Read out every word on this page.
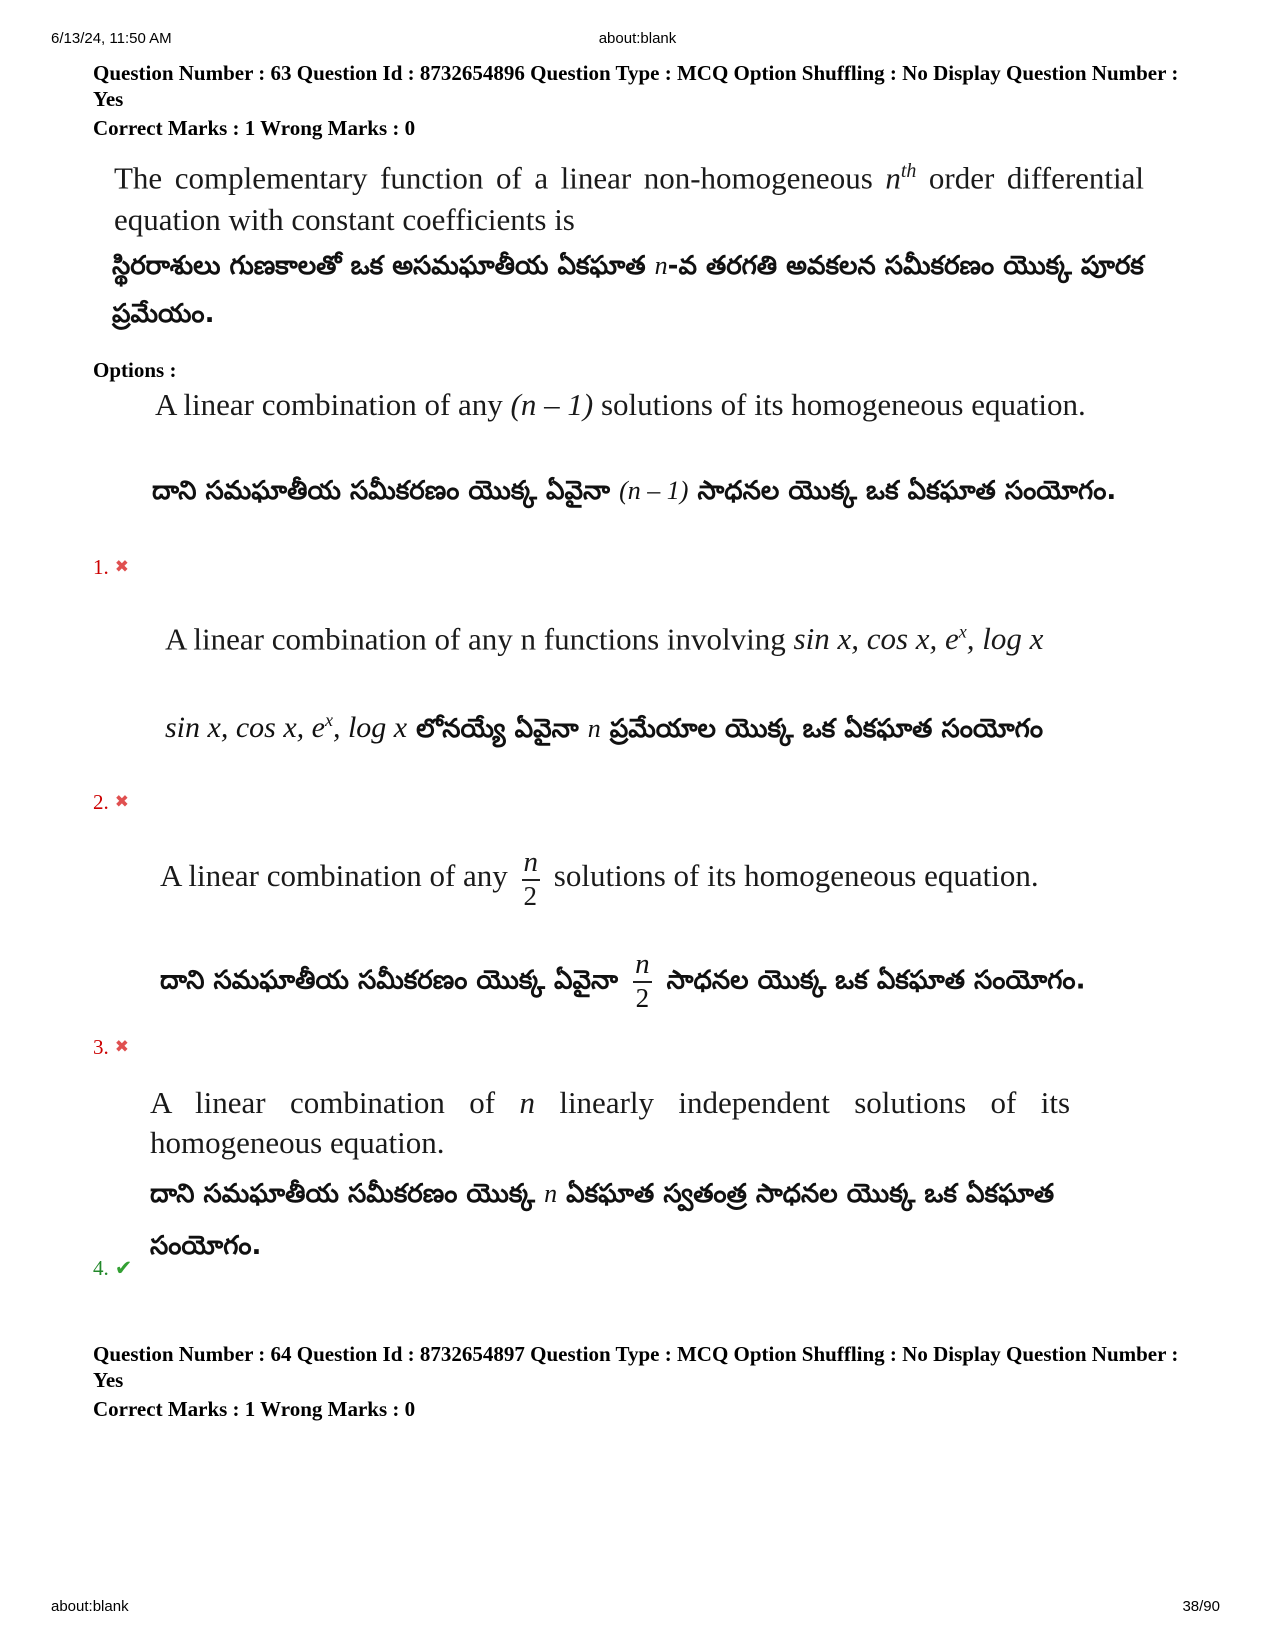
6/13/24, 11:50 AM	about:blank
Question Number : 63 Question Id : 8732654896 Question Type : MCQ Option Shuffling : No Display Question Number : Yes
Correct Marks : 1 Wrong Marks : 0
The complementary function of a linear non-homogeneous $n^{th}$ order differential equation with constant coefficients is
స్థిరరాశులు గుణకాలతో ఒక అసమఘాతీయ ఏకఘాత n-వ తరగతి అవకలన సమీకరణం యొక్క పూరక ప్రమేయం.
Options :
A linear combination of any (n – 1) solutions of its homogeneous equation.
దాని సమఘాతీయ సమీకరణం యొక్క ఏవైనా (n – 1) సాధనల యొక్క ఒక ఏకఘాత సంయోగం.
1. ✖
A linear combination of any n functions involving sin x, cos x, $e^x$, log x
sin x, cos x, $e^x$, log x లోనయ్యే ఏవైనా n ప్రమేయాల యొక్క ఒక ఏకఘాత సంయోగం
2. ✖
A linear combination of any $\frac{n}{2}$ solutions of its homogeneous equation.
దాని సమఘాతీయ సమీకరణం యొక్క ఏవైనా $\frac{n}{2}$ సాధనల యొక్క ఒక ఏకఘాత సంయోగం.
3. ✖
A linear combination of n linearly independent solutions of its homogeneous equation.
దాని సమఘాతీయ సమీకరణం యొక్క n ఏకఘాత స్వతంత్ర సాధనల యొక్క ఒక ఏకఘాత సంయోగం.
4. ✔
Question Number : 64 Question Id : 8732654897 Question Type : MCQ Option Shuffling : No Display Question Number : Yes
Correct Marks : 1 Wrong Marks : 0
about:blank	38/90
